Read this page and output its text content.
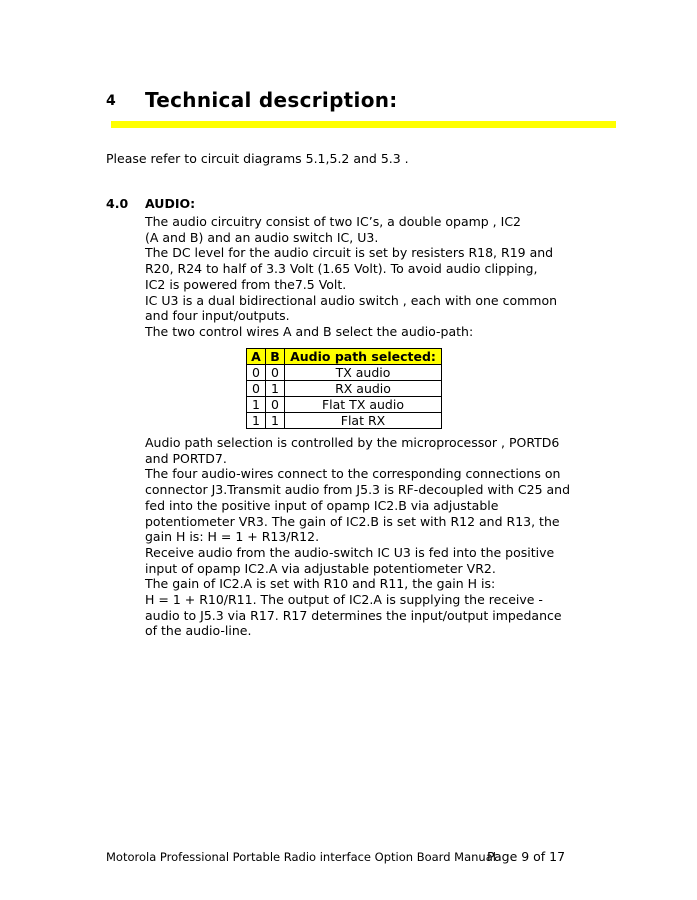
4 Technical description:
Please refer to circuit diagrams 5.1,5.2 and 5.3 .
4.0 AUDIO:
The audio circuitry consist of two IC’s, a double opamp , IC2
(A and B) and an audio switch IC, U3.
The DC level for the audio circuit is set by resisters R18, R19 and
R20, R24 to half of 3.3 Volt (1.65 Volt). To avoid audio clipping,
IC2 is powered from the7.5 Volt.
IC U3 is a dual bidirectional audio switch , each with one common
and four input/outputs.
The two control wires A and B select the audio-path:
A	B	Audio path selected:
0	0	TX audio
0	1	RX audio
1	0	Flat TX audio
1	1	Flat RX
Audio path selection is controlled by the microprocessor , PORTD6
and PORTD7.
The four audio-wires connect to the corresponding connections on
connector J3.Transmit audio from J5.3 is RF-decoupled with C25 and
fed into the positive input of opamp IC2.B via adjustable
potentiometer VR3. The gain of IC2.B is set with R12 and R13, the
gain H is: H = 1 + R13/R12.
Receive audio from the audio-switch IC U3 is fed into the positive
input of opamp IC2.A via adjustable potentiometer VR2.
The gain of IC2.A is set with R10 and R11, the gain H is:
H = 1 + R10/R11. The output of IC2.A is supplying the receive -
audio to J5.3 via R17. R17 determines the input/output impedance
of the audio-line.
Motorola Professional Portable Radio interface Option Board Manual
Page 9 of 17
